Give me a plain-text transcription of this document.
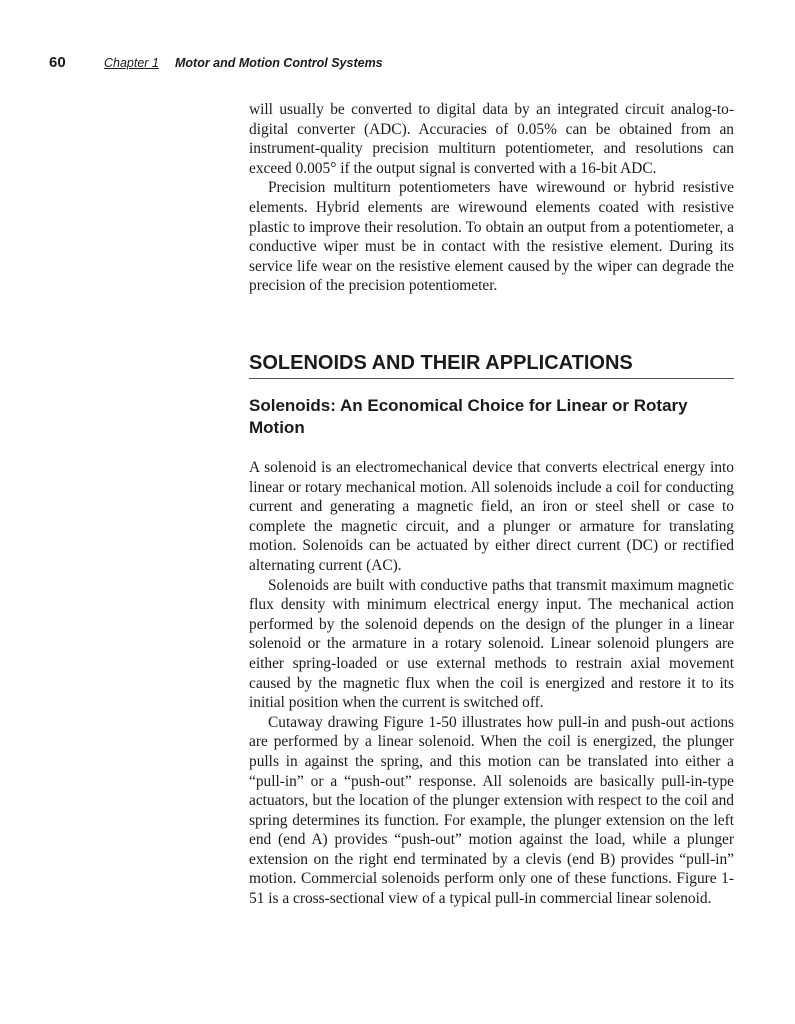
60	Chapter 1 Motor and Motion Control Systems

will usually be converted to digital data by an integrated circuit analog-to-digital converter (ADC). Accuracies of 0.05% can be obtained from an instrument-quality precision multiturn potentiometer, and resolutions can exceed 0.005° if the output signal is converted with a 16-bit ADC.

Precision multiturn potentiometers have wirewound or hybrid resistive elements. Hybrid elements are wirewound elements coated with resistive plastic to improve their resolution. To obtain an output from a potentiometer, a conductive wiper must be in contact with the resistive element. During its service life wear on the resistive element caused by the wiper can degrade the precision of the precision potentiometer.

SOLENOIDS AND THEIR APPLICATIONS
Solenoids: An Economical Choice for Linear or Rotary Motion

A solenoid is an electromechanical device that converts electrical energy into linear or rotary mechanical motion. All solenoids include a coil for conducting current and generating a magnetic field, an iron or steel shell or case to complete the magnetic circuit, and a plunger or armature for translating motion. Solenoids can be actuated by either direct current (DC) or rectified alternating current (AC).

Solenoids are built with conductive paths that transmit maximum magnetic flux density with minimum electrical energy input. The mechanical action performed by the solenoid depends on the design of the plunger in a linear solenoid or the armature in a rotary solenoid. Linear solenoid plungers are either spring-loaded or use external methods to restrain axial movement caused by the magnetic flux when the coil is energized and restore it to its initial position when the current is switched off.

Cutaway drawing Figure 1-50 illustrates how pull-in and push-out actions are performed by a linear solenoid. When the coil is energized, the plunger pulls in against the spring, and this motion can be translated into either a “pull-in” or a “push-out” response. All solenoids are basically pull-in-type actuators, but the location of the plunger extension with respect to the coil and spring determines its function. For example, the plunger extension on the left end (end A) provides “push-out” motion against the load, while a plunger extension on the right end terminated by a clevis (end B) provides “pull-in” motion. Commercial solenoids perform only one of these functions. Figure 1-51 is a cross-sectional view of a typical pull-in commercial linear solenoid.
